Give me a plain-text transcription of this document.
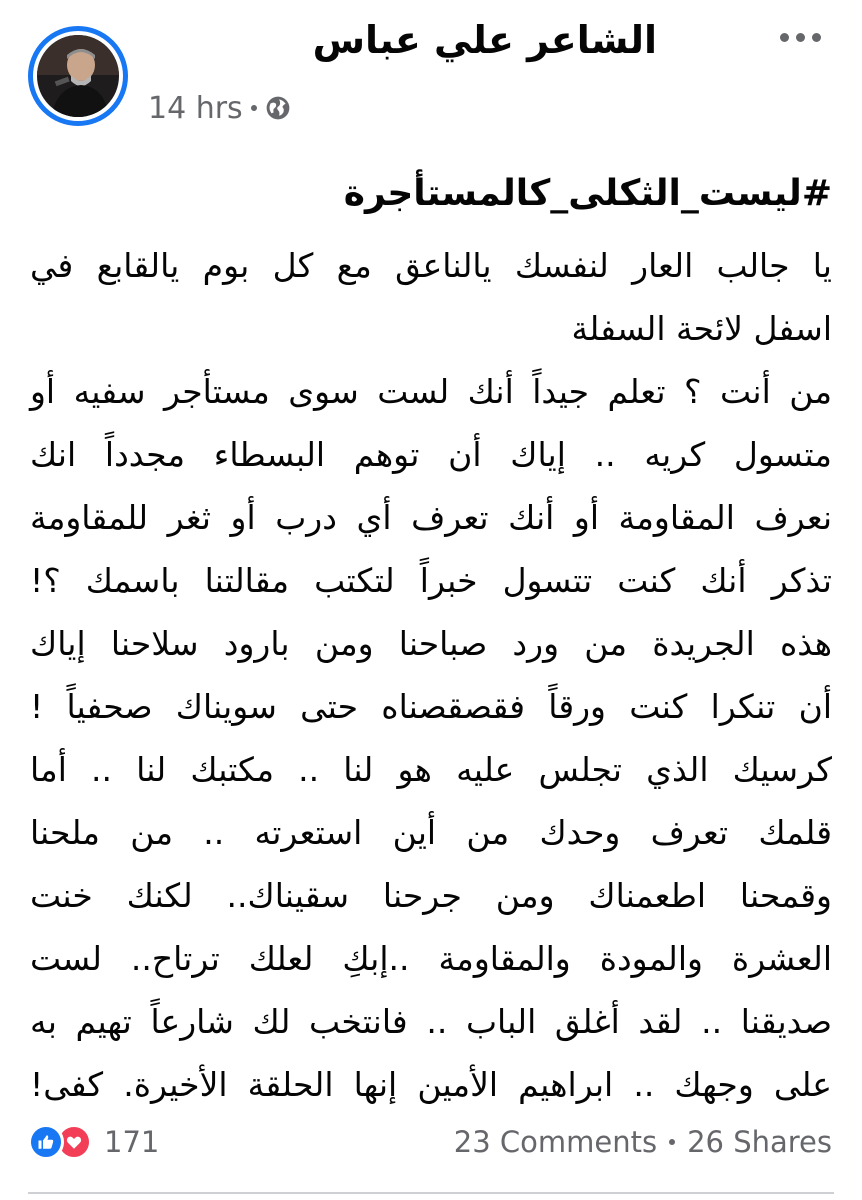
الشاعر علي عباس
14 hrs
#ليست_الثكلى_كالمستأجرة
يا جالب العار لنفسك يالناعق مع كل بوم يالقابع في
اسفل لائحة السفلة
من أنت ؟ تعلم جيداً أنك لست سوى مستأجر سفيه أو
متسول كريه .. إياك أن توهم البسطاء مجدداً انك
نعرف المقاومة أو أنك تعرف أي درب أو ثغر للمقاومة
تذكر أنك كنت تتسول خبراً لتكتب مقالتنا باسمك ؟!
هذه الجريدة من ورد صباحنا ومن بارود سلاحنا إياك
أن تنكرا كنت ورقاً فقصقصناه حتى سويناك صحفياً !
كرسيك الذي تجلس عليه هو لنا .. مكتبك لنا .. أما
قلمك تعرف وحدك من أين استعرته .. من ملحنا
وقمحنا اطعمناك ومن جرحنا سقيناك.. لكنك خنت
العشرة والمودة والمقاومة ..إبكِ لعلك ترتاح.. لست
صديقنا .. لقد أغلق الباب .. فانتخب لك شارعاً تهيم به
على وجهك .. ابراهيم الأمين إنها الحلقة الأخيرة. كفى!
171	23 Comments 26 Shares
